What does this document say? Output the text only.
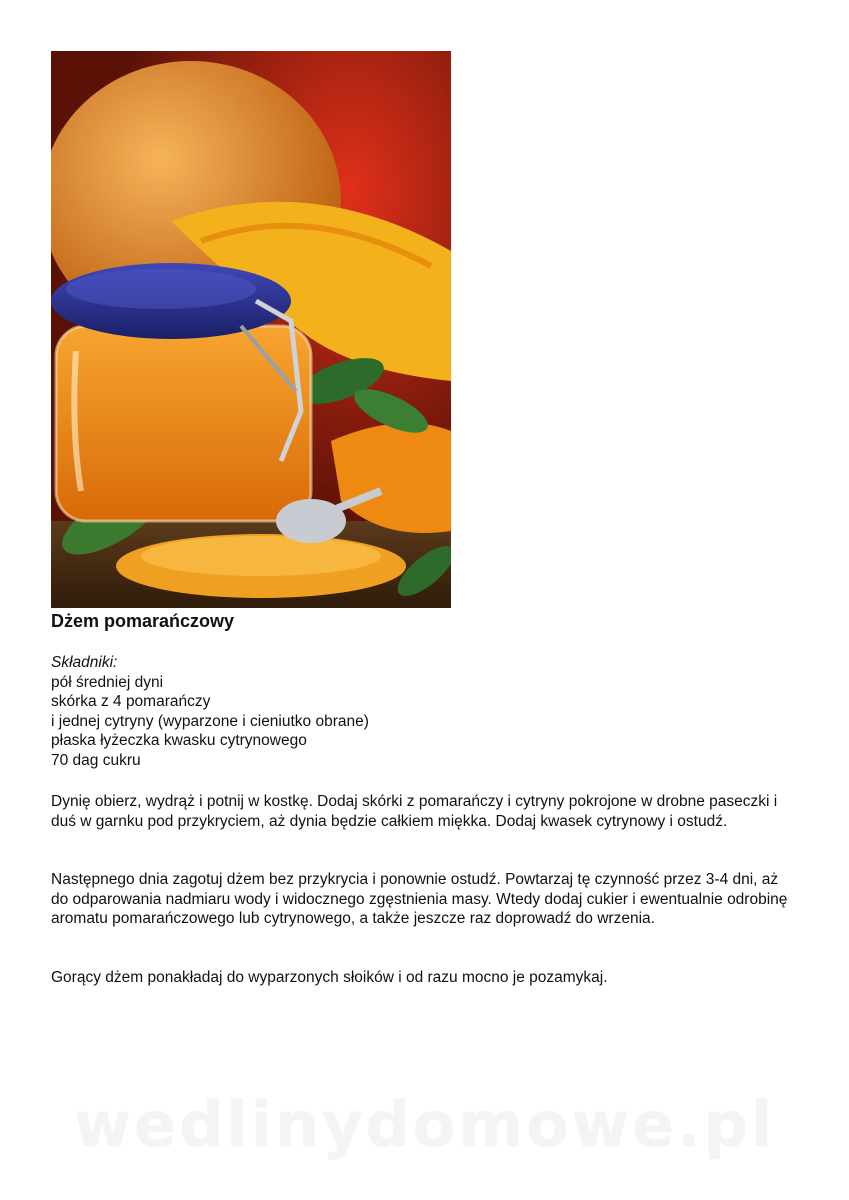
Dżem pomarańczowy
Składniki:
pół średniej dyni
skórka z 4 pomarańczy
i jednej cytryny (wyparzone i cieniutko obrane)
płaska łyżeczka kwasku cytrynowego
70 dag cukru

Dynię obierz, wydrąż i potnij w kostkę. Dodaj skórki z pomarańczy i cytryny pokrojone w drobne paseczki i duś w garnku pod przykryciem, aż dynia będzie całkiem miękka. Dodaj kwasek cytrynowy i ostudź.

Następnego dnia zagotuj dżem bez przykrycia i ponownie ostudź. Powtarzaj tę czynność przez 3-4 dni, aż do odparowania nadmiaru wody i widocznego zgęstnienia masy. Wtedy dodaj cukier i ewentualnie odrobinę aromatu pomarańczowego lub cytrynowego, a także jeszcze raz doprowadź do wrzenia.

Gorący dżem ponakładaj do wyparzonych słoików i od razu mocno je pozamykaj.

wedlinydomowe.pl
